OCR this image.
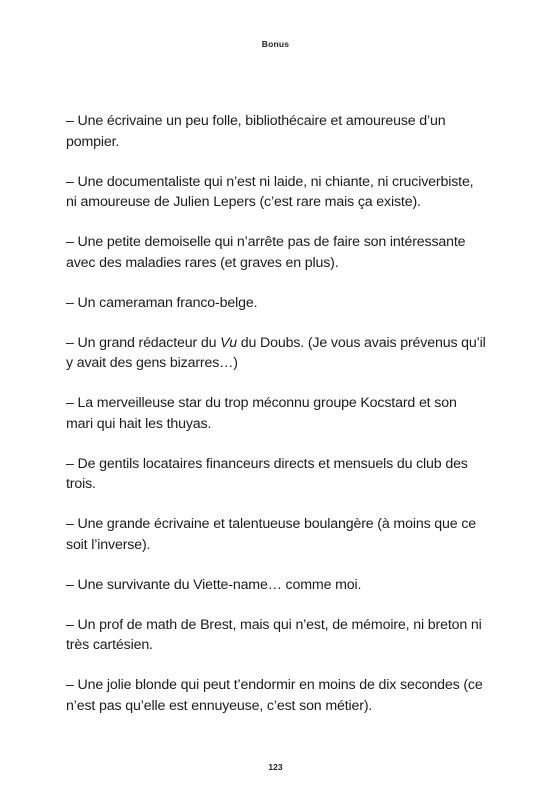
Bonus

– Une écrivaine un peu folle, bibliothécaire et amoureuse d’un pompier.

– Une documentaliste qui n’est ni laide, ni chiante, ni cruciverbiste, ni amoureuse de Julien Lepers (c’est rare mais ça existe).

– Une petite demoiselle qui n’arrête pas de faire son intéressante avec des maladies rares (et graves en plus).

– Un cameraman franco-belge.

– Un grand rédacteur du Vu du Doubs. (Je vous avais prévenus qu’il y avait des gens bizarres…)

– La merveilleuse star du trop méconnu groupe Kocstard et son mari qui hait les thuyas.

– De gentils locataires financeurs directs et mensuels du club des trois.

– Une grande écrivaine et talentueuse boulangère (à moins que ce soit l’inverse).

– Une survivante du Viette-name… comme moi.

– Un prof de math de Brest, mais qui n’est, de mémoire, ni breton ni très cartésien.

– Une jolie blonde qui peut t’endormir en moins de dix secondes (ce n’est pas qu’elle est ennuyeuse, c’est son métier).

123
